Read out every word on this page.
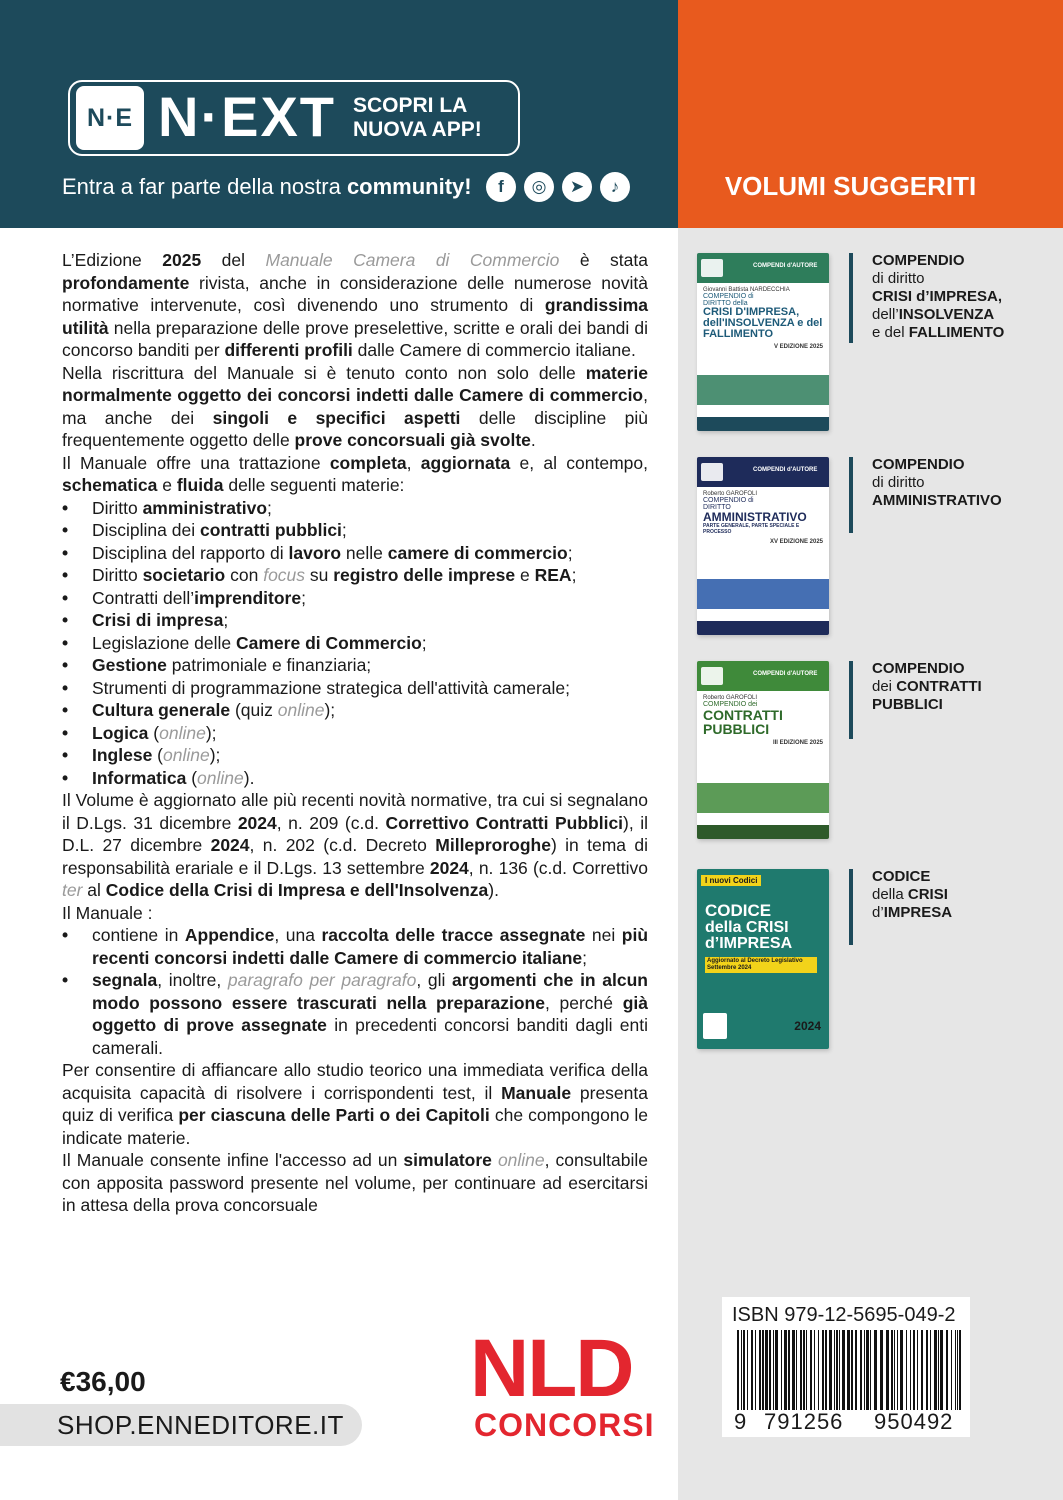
N·E N·EXT SCOPRI LA NUOVA APP!
Entra a far parte della nostra community!	f	◎	➤	♪	VOLUMI SUGGERITI
COMPENDI d'AUTORE
Giovanni Battista NARDECCHIA
COMPENDIO di
DIRITTO della
CRISI D'IMPRESA, dell'INSOLVENZA e del FALLIMENTO
V EDIZIONE 2025
COMPENDIO
di diritto
CRISI d’IMPRESA,
dell’INSOLVENZA
e del FALLIMENTO
COMPENDI d'AUTORE
Roberto GAROFOLI
COMPENDIO di
DIRITTO
AMMINISTRATIVO
PARTE GENERALE, PARTE SPECIALE E PROCESSO
XV EDIZIONE 2025
COMPENDIO
di diritto
AMMINISTRATIVO
COMPENDI d'AUTORE
Roberto GAROFOLI
COMPENDIO dei
CONTRATTI PUBBLICI
III EDIZIONE 2025
COMPENDIO
dei CONTRATTI
PUBBLICI
I nuovi Codici
CODICE
della CRISI
d’IMPRESA
Aggiornato al Decreto Legislativo Settembre 2024
2024
CODICE
della CRISI
d’IMPRESA

L’Edizione 2025 del Manuale Camera di Commercio è stata profondamente rivista, anche in considerazione delle numerose novità normative intervenute, così divenendo uno strumento di grandissima utilità nella preparazione delle prove preselettive, scritte e orali dei bandi di concorso banditi per differenti profili dalle Camere di commercio italiane.

Nella riscrittura del Manuale si è tenuto conto non solo delle materie normalmente oggetto dei concorsi indetti dalle Camere di commercio, ma anche dei singoli e specifici aspetti delle discipline più frequentemente oggetto delle prove concorsuali già svolte.

Il Manuale offre una trattazione completa, aggiornata e, al contempo, schematica e fluida delle seguenti materie:

• Diritto amministrativo;
• Disciplina dei contratti pubblici;
• Disciplina del rapporto di lavoro nelle camere di commercio;
• Diritto societario con focus su registro delle imprese e REA;
• Contratti dell’imprenditore;
• Crisi di impresa;
• Legislazione delle Camere di Commercio;
• Gestione patrimoniale e finanziaria;
• Strumenti di programmazione strategica dell'attività camerale;
• Cultura generale (quiz online);
• Logica (online);
• Inglese (online);
• Informatica (online).

Il Volume è aggiornato alle più recenti novità normative, tra cui si segnalano il D.Lgs. 31 dicembre 2024, n. 209 (c.d. Correttivo Contratti Pubblici), il D.L. 27 dicembre 2024, n. 202 (c.d. Decreto Milleproroghe) in tema di responsabilità erariale e il D.Lgs. 13 settembre 2024, n. 136 (c.d. Correttivo ter al Codice della Crisi di Impresa e dell'Insolvenza).

Il Manuale :

• contiene in Appendice, una raccolta delle tracce assegnate nei più recenti concorsi indetti dalle Camere di commercio italiane;
• segnala, inoltre, paragrafo per paragrafo, gli argomenti che in alcun modo possono essere trascurati nella preparazione, perché già oggetto di prove assegnate in precedenti concorsi banditi dagli enti camerali.

Per consentire di affiancare allo studio teorico una immediata verifica della acquisita capacità di risolvere i corrispondenti test, il Manuale presenta quiz di verifica per ciascuna delle Parti o dei Capitoli che compongono le indicate materie.

Il Manuale consente infine l'accesso ad un simulatore online, consultabile con apposita password presente nel volume, per continuare ad esercitarsi in attesa della prova concorsuale

€36,00
SHOP.ENNEDITORE.IT
NLD
CONCORSI
ISBN 979-12-5695-049-2
9 791256 950492
